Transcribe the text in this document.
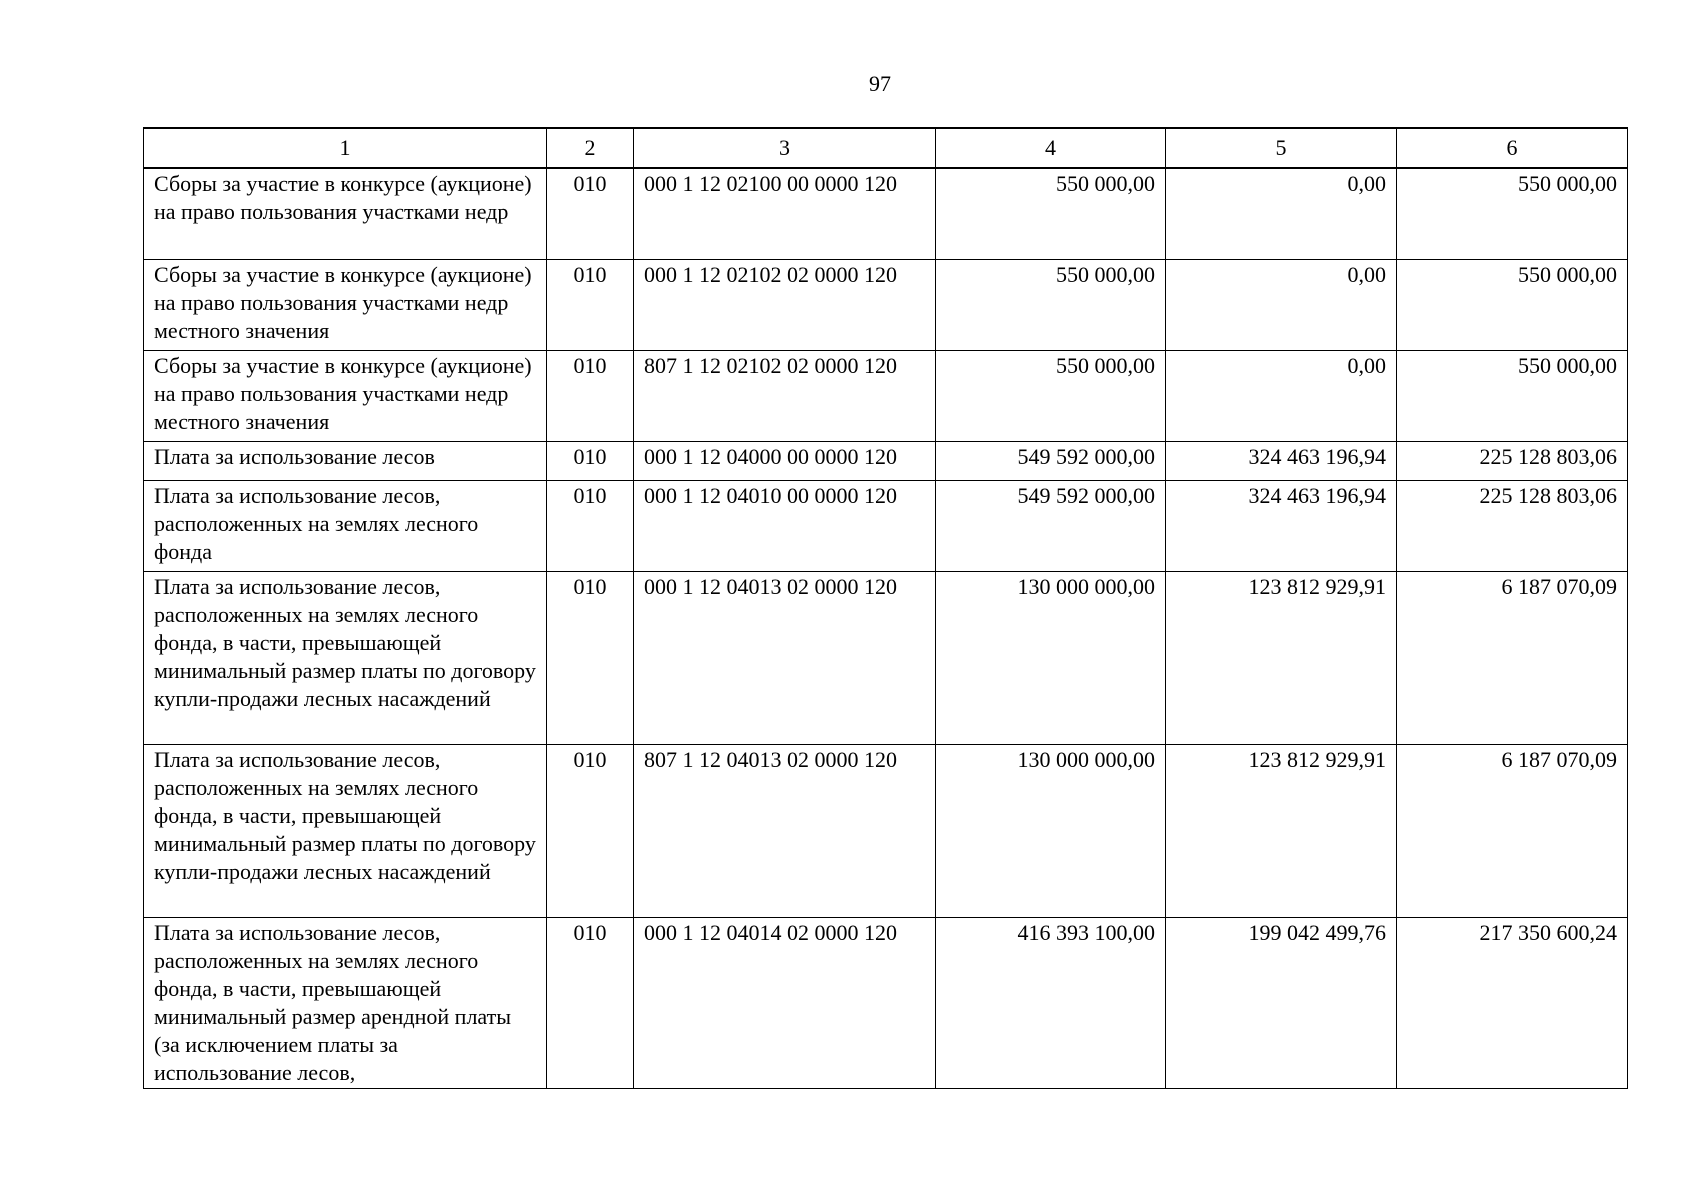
97
1	2	3	4	5	6
Сборы за участие в конкурсе (аукционе) на право пользования участками недр	010	000 1 12 02100 00 0000 120	550 000,00	0,00	550 000,00
Сборы за участие в конкурсе (аукционе) на право пользования участками недр местного значения	010	000 1 12 02102 02 0000 120	550 000,00	0,00	550 000,00
Сборы за участие в конкурсе (аукционе) на право пользования участками недр местного значения	010	807 1 12 02102 02 0000 120	550 000,00	0,00	550 000,00
Плата за использование лесов	010	000 1 12 04000 00 0000 120	549 592 000,00	324 463 196,94	225 128 803,06
Плата за использование лесов, расположенных на землях лесного фонда	010	000 1 12 04010 00 0000 120	549 592 000,00	324 463 196,94	225 128 803,06
Плата за использование лесов, расположенных на землях лесного фонда, в части, превышающей минимальный размер платы по договору купли-продажи лесных насаждений	010	000 1 12 04013 02 0000 120	130 000 000,00	123 812 929,91	6 187 070,09
Плата за использование лесов, расположенных на землях лесного фонда, в части, превышающей минимальный размер платы по договору купли-продажи лесных насаждений	010	807 1 12 04013 02 0000 120	130 000 000,00	123 812 929,91	6 187 070,09
Плата за использование лесов, расположенных на землях лесного фонда, в части, превышающей минимальный размер арендной платы (за исключением платы за использование лесов,	010	000 1 12 04014 02 0000 120	416 393 100,00	199 042 499,76	217 350 600,24
